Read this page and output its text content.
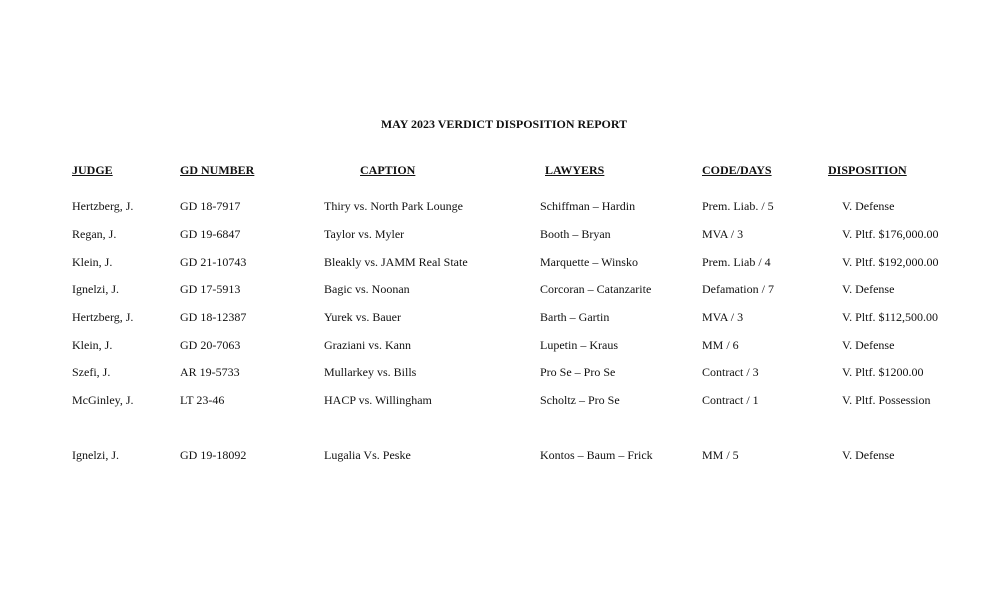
MAY 2023 VERDICT DISPOSITION REPORT
JUDGE	GD NUMBER	CAPTION	LAWYERS	CODE/DAYS	DISPOSITION
Hertzberg, J.	GD 18-7917	Thiry vs. North Park Lounge	Schiffman – Hardin	Prem. Liab. / 5	V. Defense
Regan, J.	GD 19-6847	Taylor vs. Myler	Booth – Bryan	MVA / 3	V. Pltf. $176,000.00
Klein, J.	GD 21-10743	Bleakly vs. JAMM Real State	Marquette – Winsko	Prem. Liab / 4	V. Pltf. $192,000.00
Ignelzi, J.	GD 17-5913	Bagic vs. Noonan	Corcoran – Catanzarite	Defamation / 7	V. Defense
Hertzberg, J.	GD 18-12387	Yurek vs. Bauer	Barth – Gartin	MVA / 3	V. Pltf. $112,500.00
Klein, J.	GD 20-7063	Graziani vs. Kann	Lupetin – Kraus	MM / 6	V. Defense
Szefi, J.	AR 19-5733	Mullarkey vs. Bills	Pro Se – Pro Se	Contract / 3	V. Pltf. $1200.00
McGinley, J.	LT 23-46	HACP vs. Willingham	Scholtz – Pro Se	Contract / 1	V. Pltf. Possession
Ignelzi, J.	GD 19-18092	Lugalia Vs. Peske	Kontos – Baum – Frick	MM / 5	V. Defense
